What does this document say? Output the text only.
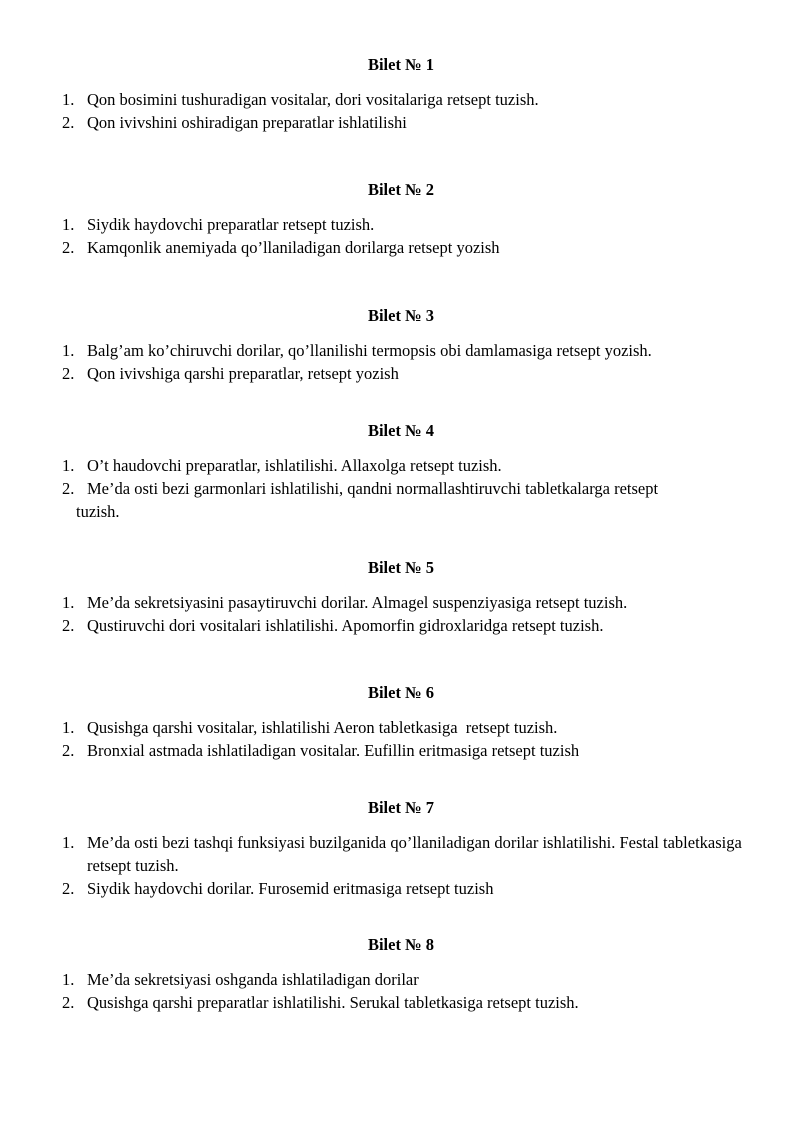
Bilet № 1
1. Qon bosimini tushuradigan vositalar, dori vositalariga retsept tuzish.
2. Qon ivivshini oshiradigan preparatlar ishlatilishi
Bilet № 2
1. Siydik haydovchi preparatlar retsept tuzish.
2. Kamqonlik anemiyada qo’llaniladigan dorilarga retsept yozish
Bilet № 3
1. Balg’am ko’chiruvchi dorilar, qo’llanilishi termopsis obi damlamasiga retsept yozish.
2. Qon ivivshiga qarshi preparatlar, retsept yozish
Bilet № 4
1. O’t haudovchi preparatlar, ishlatilishi. Allaxolga retsept tuzish.
2. Me’da osti bezi garmonlari ishlatilishi, qandni normallashtiruvchi tabletkalarga retsept
tuzish.
Bilet № 5
1. Me’da sekretsiyasini pasaytiruvchi dorilar. Almagel suspenziyasiga retsept tuzish.
2. Qustiruvchi dori vositalari ishlatilishi. Apomorfin gidroxlaridga retsept tuzish.
Bilet № 6
1. Qusishga qarshi vositalar, ishlatilishi Aeron tabletkasiga  retsept tuzish.
2. Bronxial astmada ishlatiladigan vositalar. Eufillin eritmasiga retsept tuzish
Bilet № 7
1. Me’da osti bezi tashqi funksiyasi buzilganida qo’llaniladigan dorilar ishlatilishi. Festal tabletkasiga retsept tuzish.
2. Siydik haydovchi dorilar. Furosemid eritmasiga retsept tuzish
Bilet № 8
1. Me’da sekretsiyasi oshganda ishlatiladigan dorilar
2. Qusishga qarshi preparatlar ishlatilishi. Serukal tabletkasiga retsept tuzish.
